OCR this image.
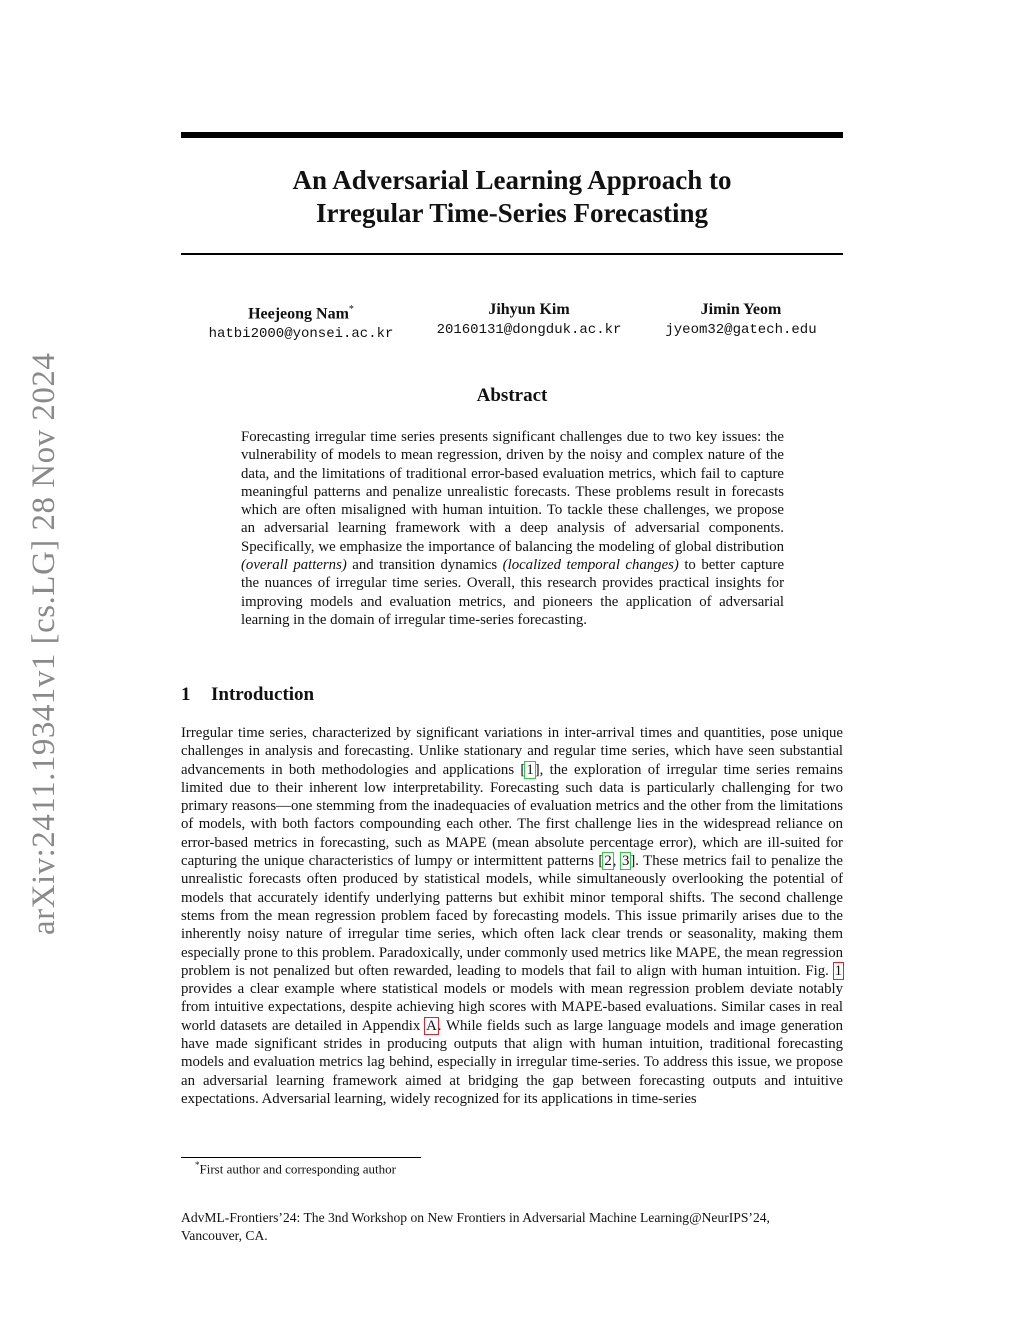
arXiv:2411.19341v1 [cs.LG] 28 Nov 2024
An Adversarial Learning Approach to
Irregular Time-Series Forecasting
Heejeong Nam*
hatbi2000@yonsei.ac.kr
Jihyun Kim
20160131@dongduk.ac.kr
Jimin Yeom
jyeom32@gatech.edu
Abstract
Forecasting irregular time series presents significant challenges due to two key issues: the vulnerability of models to mean regression, driven by the noisy and complex nature of the data, and the limitations of traditional error-based evaluation metrics, which fail to capture meaningful patterns and penalize unrealistic forecasts. These problems result in forecasts which are often misaligned with human intuition. To tackle these challenges, we propose an adversarial learning framework with a deep analysis of adversarial components. Specifically, we emphasize the importance of balancing the modeling of global distribution (overall patterns) and transition dynamics (localized temporal changes) to better capture the nuances of irregular time series. Overall, this research provides practical insights for improving models and evaluation metrics, and pioneers the application of adversarial learning in the domain of irregular time-series forecasting.
1 Introduction
Irregular time series, characterized by significant variations in inter-arrival times and quantities, pose unique challenges in analysis and forecasting. Unlike stationary and regular time series, which have seen substantial advancements in both methodologies and applications [1], the exploration of irregular time series remains limited due to their inherent low interpretability. Forecasting such data is particularly challenging for two primary reasons—one stemming from the inadequacies of evaluation metrics and the other from the limitations of models, with both factors compounding each other. The first challenge lies in the widespread reliance on error-based metrics in forecasting, such as MAPE (mean absolute percentage error), which are ill-suited for capturing the unique characteristics of lumpy or intermittent patterns [2, 3]. These metrics fail to penalize the unrealistic forecasts often produced by statistical models, while simultaneously overlooking the potential of models that accurately identify underlying patterns but exhibit minor temporal shifts. The second challenge stems from the mean regression problem faced by forecasting models. This issue primarily arises due to the inherently noisy nature of irregular time series, which often lack clear trends or seasonality, making them especially prone to this problem. Paradoxically, under commonly used metrics like MAPE, the mean regression problem is not penalized but often rewarded, leading to models that fail to align with human intuition. Fig. 1 provides a clear example where statistical models or models with mean regression problem deviate notably from intuitive expectations, despite achieving high scores with MAPE-based evaluations. Similar cases in real world datasets are detailed in Appendix A. While fields such as large language models and image generation have made significant strides in producing outputs that align with human intuition, traditional forecasting models and evaluation metrics lag behind, especially in irregular time-series. To address this issue, we propose an adversarial learning framework aimed at bridging the gap between forecasting outputs and intuitive expectations. Adversarial learning, widely recognized for its applications in time-series
*First author and corresponding author
AdvML-Frontiers’24: The 3nd Workshop on New Frontiers in Adversarial Machine Learning@NeurIPS’24,
Vancouver, CA.
